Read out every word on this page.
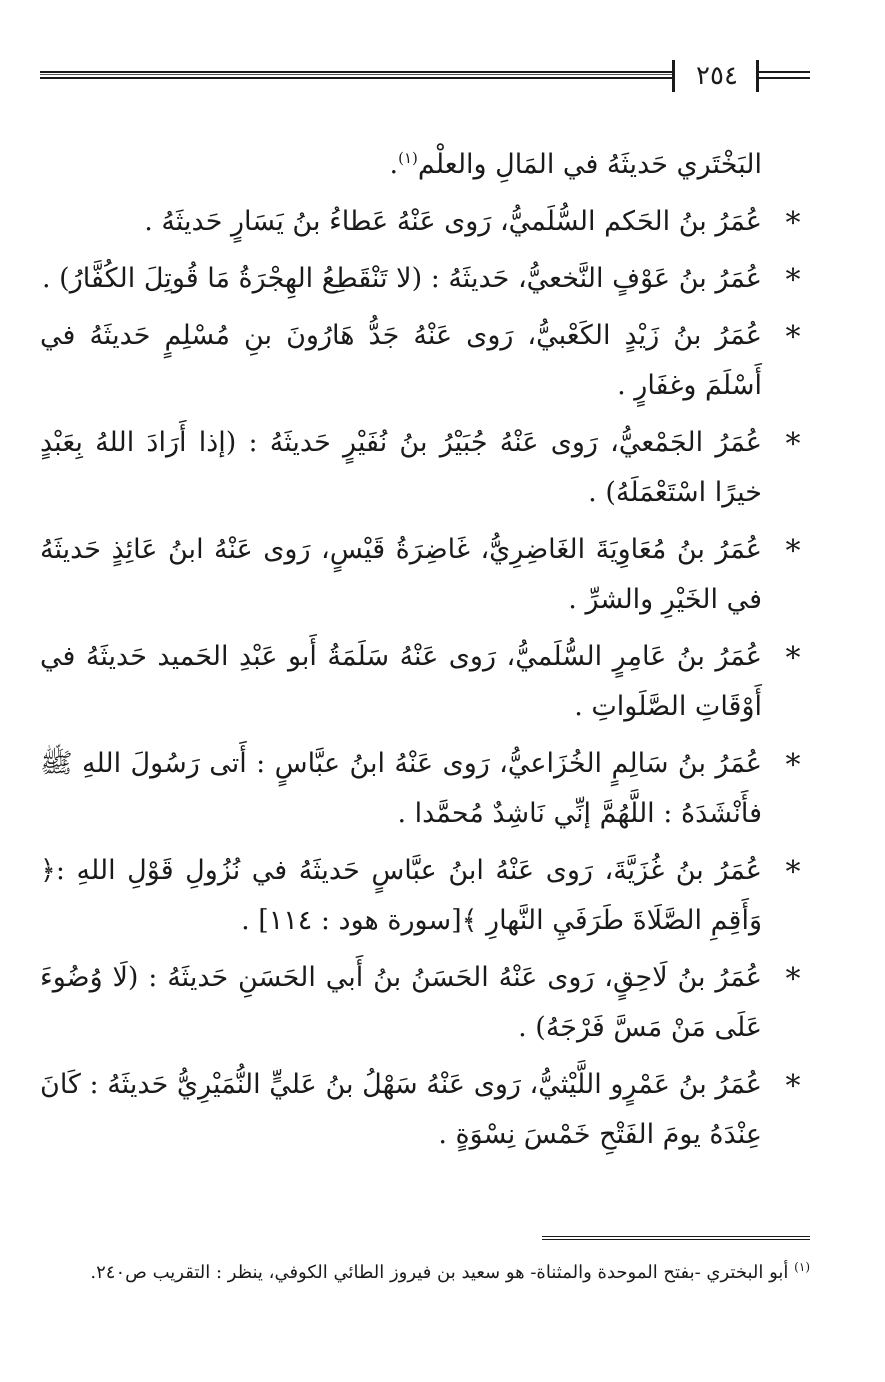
٢٥٤

البَخْتَري حَديثَهُ في المَالِ والعلْم$^{(١)}$.

*
عُمَرُ بنُ الحَكم السُّلَميُّ، رَوى عَنْهُ عَطاءُ بنُ يَسَارٍ حَديثَهُ .

*
عُمَرُ بنُ عَوْفٍ النَّخعيُّ، حَديثَهُ : (لا تَنْقَطِعُ الهِجْرَةُ مَا قُوتِلَ الكُفَّارُ) .

*
عُمَرُ بنُ زَيْدٍ الكَعْبيُّ، رَوى عَنْهُ جَدُّ هَارُونَ بنِ مُسْلِمٍ حَديثَهُ في أَسْلَمَ وغفَارٍ .

*
عُمَرُ الجَمْعيُّ، رَوى عَنْهُ جُبَيْرُ بنُ نُفَيْرٍ حَديثَهُ : (إذا أَرَادَ اللهُ بِعَبْدٍ خيرًا اسْتَعْمَلَهُ) .

*
عُمَرُ بنُ مُعَاوِيَةَ الغَاضِرِيُّ، غَاضِرَةُ قَيْسٍ، رَوى عَنْهُ ابنُ عَائِذٍ حَديثَهُ في الخَيْرِ والشرِّ .

*
عُمَرُ بنُ عَامِرٍ السُّلَميُّ، رَوى عَنْهُ سَلَمَةُ أَبو عَبْدِ الحَميد حَديثَهُ في أَوْقَاتِ الصَّلَواتِ .

*
عُمَرُ بنُ سَالِمٍ الخُزَاعيُّ، رَوى عَنْهُ ابنُ عبَّاسٍ : أَتى رَسُولَ اللهِ ﷺ فأَنْشَدَهُ : اللَّهُمَّ إنِّي نَاشِدٌ مُحمَّدا .

*
عُمَرُ بنُ غُزَيَّةَ، رَوى عَنْهُ ابنُ عبَّاسٍ حَديثَهُ في نُزُولِ قَوْلِ اللهِ :﴿ وَأَقِمِ الصَّلَاةَ طَرَفَيِ النَّهارِ ﴾[سورة هود : ١١٤] .

*
عُمَرُ بنُ لَاحِقٍ، رَوى عَنْهُ الحَسَنُ بنُ أَبي الحَسَنِ حَديثَهُ : (لَا وُضُوءَ عَلَى مَنْ مَسَّ فَرْجَهُ) .

*
عُمَرُ بنُ عَمْرٍو اللَّيْثيُّ، رَوى عَنْهُ سَهْلُ بنُ عَليٍّ النُّمَيْرِيُّ حَديثَهُ : كَانَ عِنْدَهُ يومَ الفَتْحِ خَمْسَ نِسْوَةٍ .

$^{(١)}$ أبو البختري -بفتح الموحدة والمثناة- هو سعيد بن فيروز الطائي الكوفي، ينظر : التقريب ص٢٤٠.
